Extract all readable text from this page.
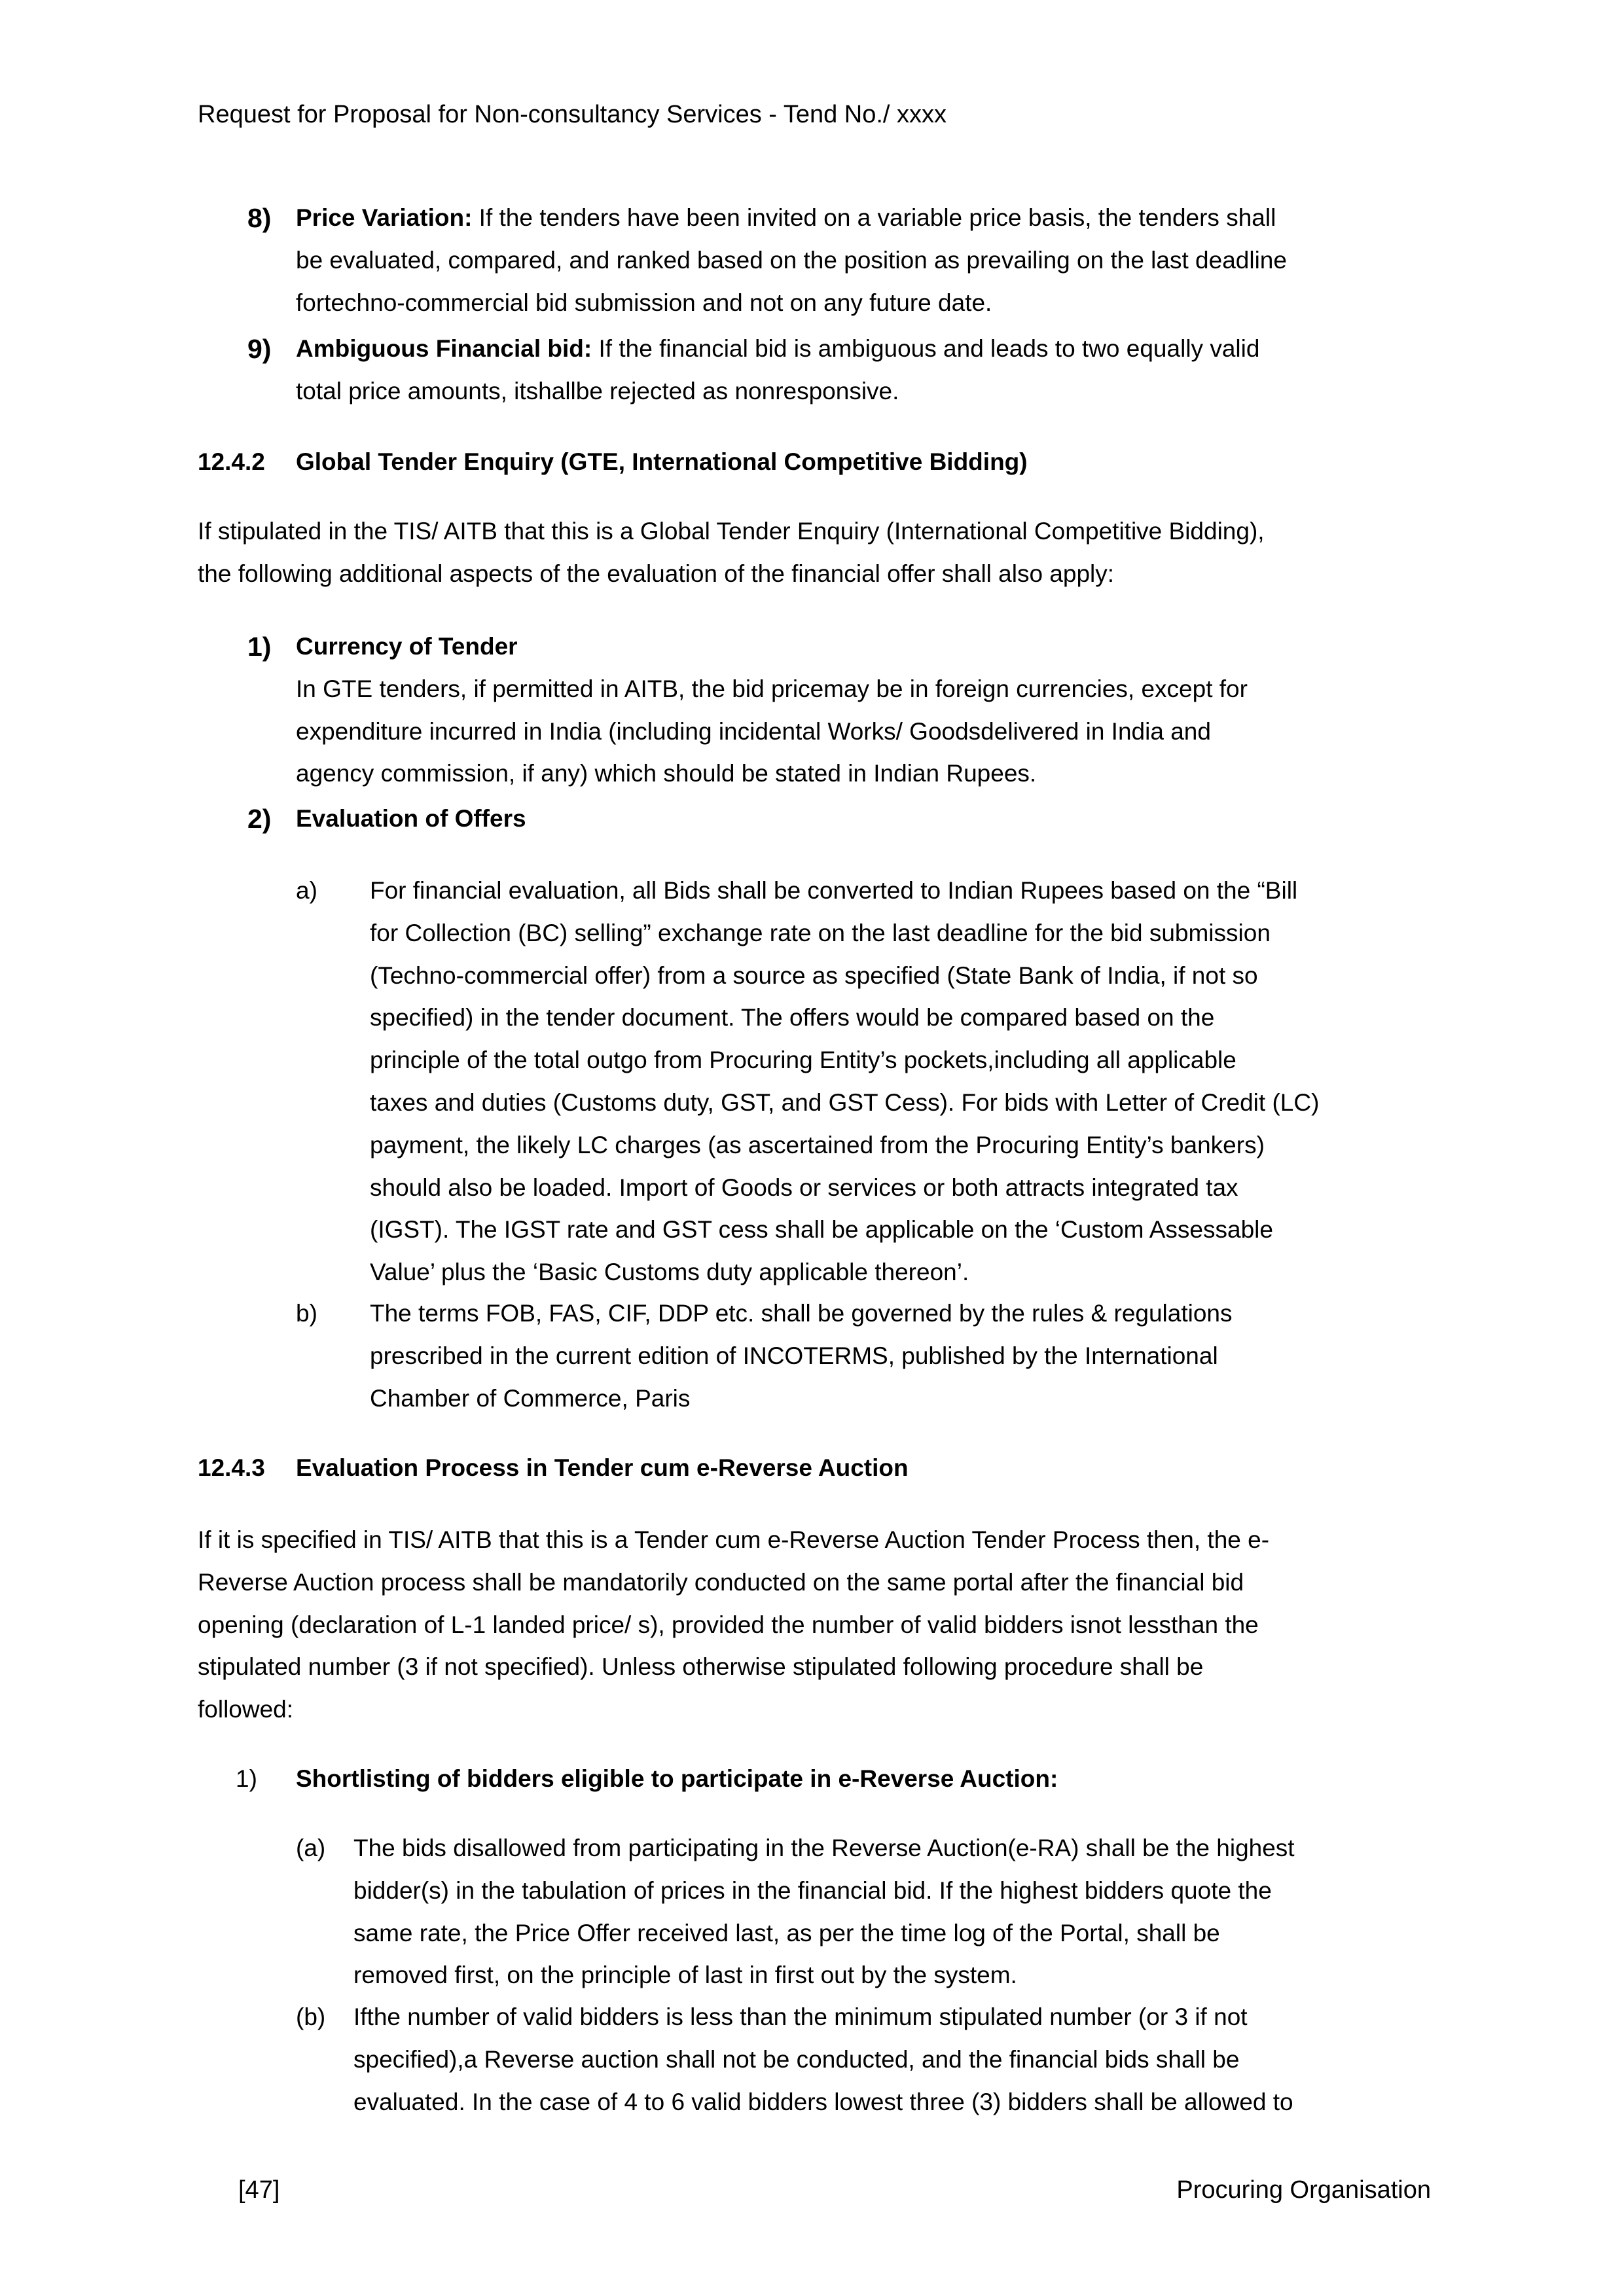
Request for Proposal for Non-consultancy Services - Tend No./ xxxx
8) Price Variation: If the tenders have been invited on a variable price basis, the tenders shall
be evaluated, compared, and ranked based on the position as prevailing on the last deadline
fortechno-commercial bid submission and not on any future date.
9) Ambiguous Financial bid: If the financial bid is ambiguous and leads to two equally valid
total price amounts, itshallbe rejected as nonresponsive.
12.4.2 Global Tender Enquiry (GTE, International Competitive Bidding)
If stipulated in the TIS/ AITB that this is a Global Tender Enquiry (International Competitive Bidding),
the following additional aspects of the evaluation of the financial offer shall also apply:
1) Currency of Tender
In GTE tenders, if permitted in AITB, the bid pricemay be in foreign currencies, except for
expenditure incurred in India (including incidental Works/ Goodsdelivered in India and
agency commission, if any) which should be stated in Indian Rupees.
2) Evaluation of Offers
a) For financial evaluation, all Bids shall be converted to Indian Rupees based on the “Bill
for Collection (BC) selling” exchange rate on the last deadline for the bid submission
(Techno-commercial offer) from a source as specified (State Bank of India, if not so
specified) in the tender document. The offers would be compared based on the
principle of the total outgo from Procuring Entity’s pockets,including all applicable
taxes and duties (Customs duty, GST, and GST Cess). For bids with Letter of Credit (LC)
payment, the likely LC charges (as ascertained from the Procuring Entity’s bankers)
should also be loaded. Import of Goods or services or both attracts integrated tax
(IGST). The IGST rate and GST cess shall be applicable on the ‘Custom Assessable
Value’ plus the ‘Basic Customs duty applicable thereon’.
b) The terms FOB, FAS, CIF, DDP etc. shall be governed by the rules & regulations
prescribed in the current edition of INCOTERMS, published by the International
Chamber of Commerce, Paris
12.4.3 Evaluation Process in Tender cum e-Reverse Auction
If it is specified in TIS/ AITB that this is a Tender cum e-Reverse Auction Tender Process then, the e-
Reverse Auction process shall be mandatorily conducted on the same portal after the financial bid
opening (declaration of L-1 landed price/ s), provided the number of valid bidders isnot lessthan the
stipulated number (3 if not specified). Unless otherwise stipulated following procedure shall be
followed:
1) Shortlisting of bidders eligible to participate in e-Reverse Auction:
(a) The bids disallowed from participating in the Reverse Auction(e-RA) shall be the highest
bidder(s) in the tabulation of prices in the financial bid. If the highest bidders quote the
same rate, the Price Offer received last, as per the time log of the Portal, shall be
removed first, on the principle of last in first out by the system.
(b) Ifthe number of valid bidders is less than the minimum stipulated number (or 3 if not
specified),a Reverse auction shall not be conducted, and the financial bids shall be
evaluated. In the case of 4 to 6 valid bidders lowest three (3) bidders shall be allowed to
[47]	Procuring Organisation
